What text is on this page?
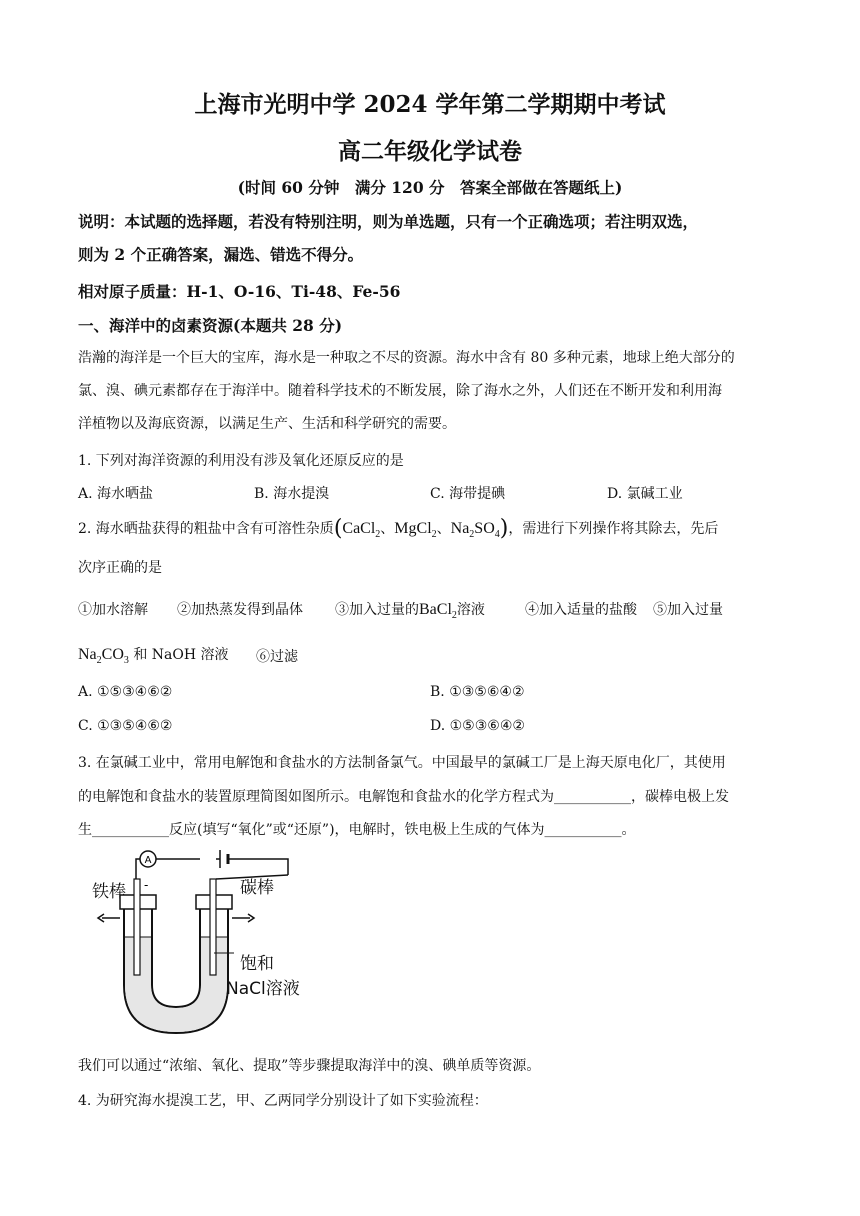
上海市光明中学 2024 学年第二学期期中考试
高二年级化学试卷
(时间 60 分钟　满分 120 分　答案全部做在答题纸上)
说明：本试题的选择题，若没有特别注明，则为单选题，只有一个正确选项；若注明双选，
则为 2 个正确答案，漏选、错选不得分。
相对原子质量：H-1、O-16、Ti-48、Fe-56
一、海洋中的卤素资源(本题共 28 分)
浩瀚的海洋是一个巨大的宝库，海水是一种取之不尽的资源。海水中含有 80 多种元素，地球上绝大部分的
氯、溴、碘元素都存在于海洋中。随着科学技术的不断发展，除了海水之外，人们还在不断开发和利用海
洋植物以及海底资源，以满足生产、生活和科学研究的需要。
1. 下列对海洋资源的利用没有涉及氧化还原反应的是
A. 海水晒盐	B. 海水提溴	C. 海带提碘	D. 氯碱工业
2. 海水晒盐获得的粗盐中含有可溶性杂质(CaCl$_2$、MgCl$_2$、$Na_2SO_4$)，需进行下列操作将其除去，先后
次序正确的是
①加水溶解 ②加热蒸发得到晶体 ③加入过量的BaCl$_2$溶液	④加入适量的盐酸 ⑤加入过量
$Na_2CO_3$ 和 NaOH 溶液 ⑥过滤
A. ①⑤③④⑥②	B. ①③⑤⑥④②
C. ①③⑤④⑥②	D. ①⑤③⑥④②
3. 在氯碱工业中，常用电解饱和食盐水的方法制备氯气。中国最早的氯碱工厂是上海天原电化厂，其使用
的电解饱和食盐水的装置原理简图如图所示。电解饱和食盐水的化学方程式为___________，碳棒电极上发
生___________反应(填写“氧化”或“还原”)，电解时，铁电极上生成的气体为___________。
A
-
铁棒	碳棒
饱和
NaCl溶液
我们可以通过“浓缩、氧化、提取”等步骤提取海洋中的溴、碘单质等资源。
4. 为研究海水提溴工艺，甲、乙两同学分别设计了如下实验流程：
